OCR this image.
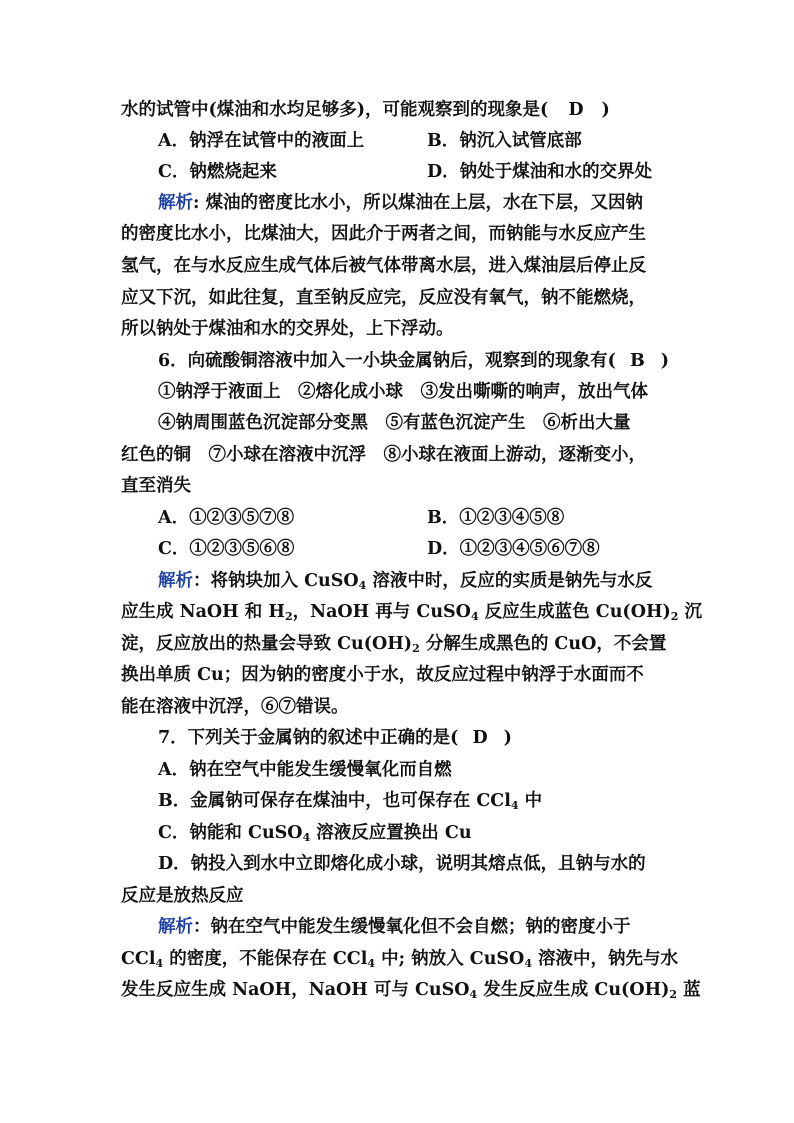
水的试管中(煤油和水均足够多)，可能观察到的现象是( D )
A．钠浮在试管中的液面上	B．钠沉入试管底部
C．钠燃烧起来	D．钠处于煤油和水的交界处
解析: 煤油的密度比水小，所以煤油在上层，水在下层，又因钠
的密度比水小，比煤油大，因此介于两者之间，而钠能与水反应产生
氢气，在与水反应生成气体后被气体带离水层，进入煤油层后停止反
应又下沉，如此往复，直至钠反应完，反应没有氧气，钠不能燃烧，
所以钠处于煤油和水的交界处，上下浮动。
6．向硫酸铜溶液中加入一小块金属钠后，观察到的现象有( B )
①钠浮于液面上　②熔化成小球　③发出嘶嘶的响声，放出气体
④钠周围蓝色沉淀部分变黑　⑤有蓝色沉淀产生　⑥析出大量
红色的铜　⑦小球在溶液中沉浮　⑧小球在液面上游动，逐渐变小，
直至消失
A．①②③⑤⑦⑧	B．①②③④⑤⑧
C．①②③⑤⑥⑧	D．①②③④⑤⑥⑦⑧
解析：将钠块加入 CuSO$_4$ 溶液中时，反应的实质是钠先与水反
应生成 NaOH 和 $H_2$，NaOH 再与 CuSO$_4$ 反应生成蓝色 $Cu(OH)_2$ 沉
淀，反应放出的热量会导致 $Cu(OH)_2$ 分解生成黑色的 CuO，不会置
换出单质 Cu；因为钠的密度小于水，故反应过程中钠浮于水面而不
能在溶液中沉浮，⑥⑦错误。
7．下列关于金属钠的叙述中正确的是( D )
A．钠在空气中能发生缓慢氧化而自燃
B．金属钠可保存在煤油中，也可保存在 CCl$_4$ 中
C．钠能和 CuSO$_4$ 溶液反应置换出 Cu
D．钠投入到水中立即熔化成小球，说明其熔点低，且钠与水的
反应是放热反应
解析：钠在空气中能发生缓慢氧化但不会自燃；钠的密度小于
CCl$_4$ 的密度，不能保存在 CCl$_4$ 中; 钠放入 CuSO$_4$ 溶液中，钠先与水
发生反应生成 NaOH，NaOH 可与 CuSO$_4$ 发生反应生成 $Cu(OH)_2$ 蓝
